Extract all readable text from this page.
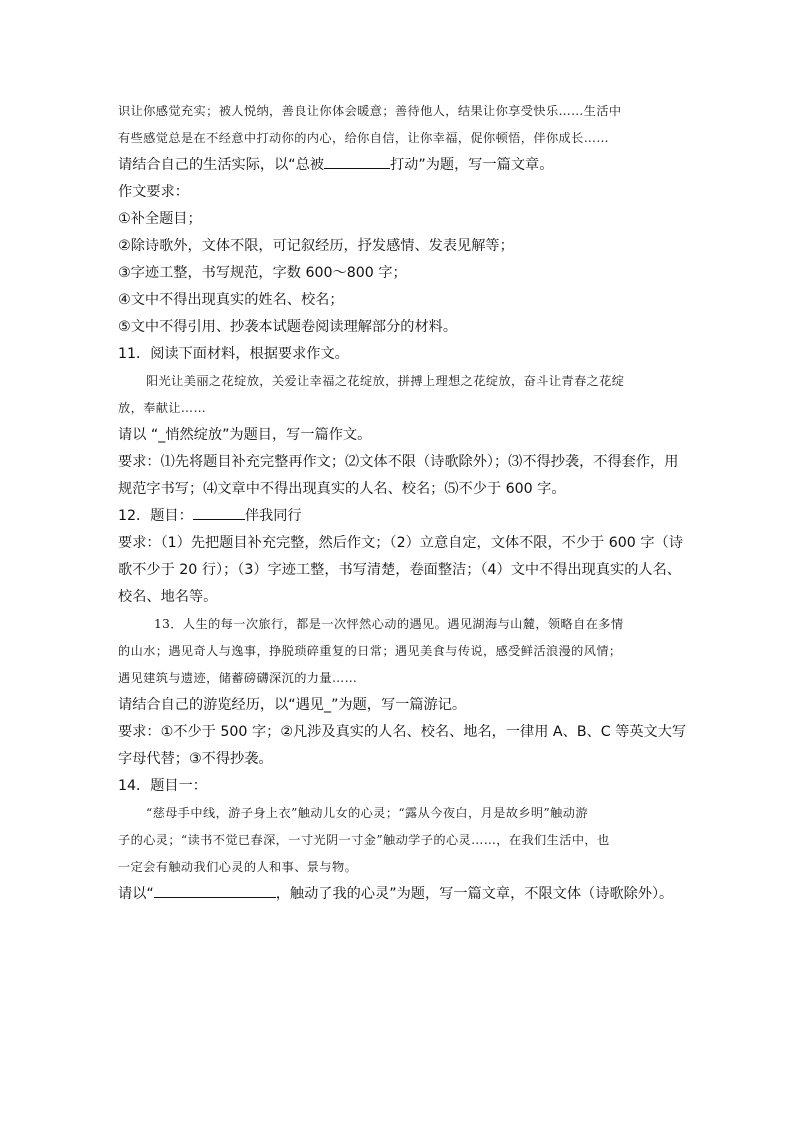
识让你感觉充实；被人悦纳，善良让你体会暖意；善待他人，结果让你享受快乐……生活中

有些感觉总是在不经意中打动你的内心，给你自信，让你幸福，促你顿悟，伴你成长……

请结合自己的生活实际，以“总被	打动”为题，写一篇文章。

作文要求：

①补全题目；

②除诗歌外，文体不限，可记叙经历，抒发感情、发表见解等；

③字迹工整，书写规范，字数 600～800 字；

④文中不得出现真实的姓名、校名；

⑤文中不得引用、抄袭本试题卷阅读理解部分的材料。

11．阅读下面材料，根据要求作文。

阳光让美丽之花绽放，关爱让幸福之花绽放，拼搏上理想之花绽放，奋斗让青春之花绽

放，奉献让……

请以 “_悄然绽放”为题目，写一篇作文。

要求：⑴先将题目补充完整再作文；⑵文体不限（诗歌除外）；⑶不得抄袭，不得套作，用

规范字书写；⑷文章中不得出现真实的人名、校名；⑸不少于 600 字。

12．题目：	伴我同行

要求：（1）先把题目补充完整，然后作文；（2）立意自定，文体不限，不少于 600 字（诗

歌不少于 20 行）；（3）字迹工整，书写清楚，卷面整洁；（4）文中不得出现真实的人名、

校名、地名等。

13．人生的每一次旅行，都是一次怦然心动的遇见。遇见湖海与山麓，领略自在多情

的山水；遇见奇人与逸事，挣脱琐碎重复的日常；遇见美食与传说，感受鲜活浪漫的风情；

遇见建筑与遗迹，储蓄磅礴深沉的力量……

请结合自己的游览经历，以“遇见_”为题，写一篇游记。

要求：①不少于 500 字；②凡涉及真实的人名、校名、地名，一律用 A、B、C 等英文大写

字母代替；③不得抄袭。

14．题目一：

“慈母手中线，游子身上衣”触动儿女的心灵；“露从今夜白，月是故乡明”触动游

子的心灵；“读书不觉已春深，一寸光阴一寸金”触动学子的心灵……，在我们生活中，也

一定会有触动我们心灵的人和事、景与物。

请以“	，触动了我的心灵”为题，写一篇文章，不限文体（诗歌除外）。
